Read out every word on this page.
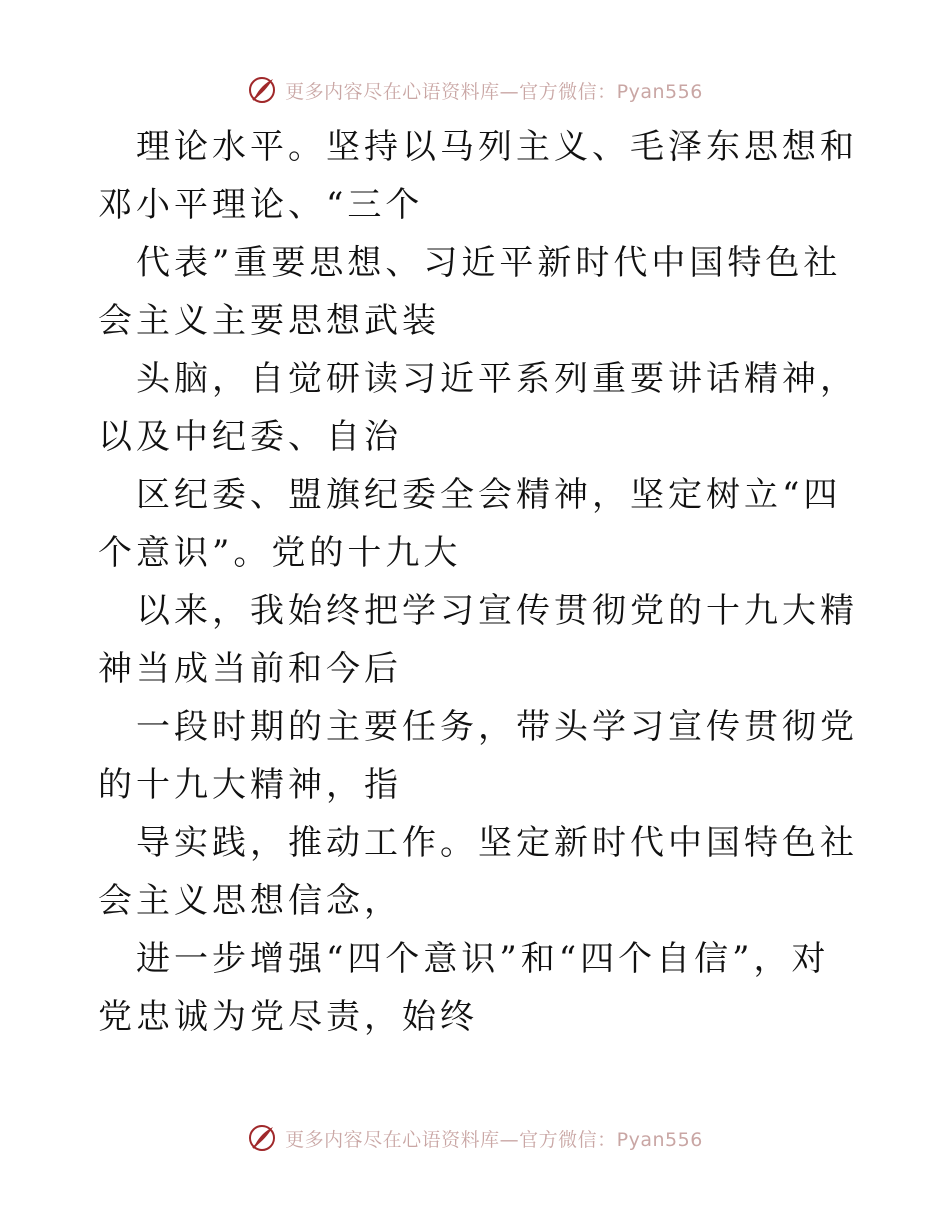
更多内容尽在心语资料库—官方微信：Pyan556

理论水平。坚持以马列主义、毛泽东思想和邓小平理论、“三个

代表”重要思想、习近平新时代中国特色社会主义主要思想武装

头脑，自觉研读习近平系列重要讲话精神，以及中纪委、自治

区纪委、盟旗纪委全会精神，坚定树立“四个意识”。党的十九大

以来，我始终把学习宣传贯彻党的十九大精神当成当前和今后

一段时期的主要任务，带头学习宣传贯彻党的十九大精神，指

导实践，推动工作。坚定新时代中国特色社会主义思想信念，

进一步增强“四个意识”和“四个自信”，对党忠诚为党尽责，始终

更多内容尽在心语资料库—官方微信：Pyan556
